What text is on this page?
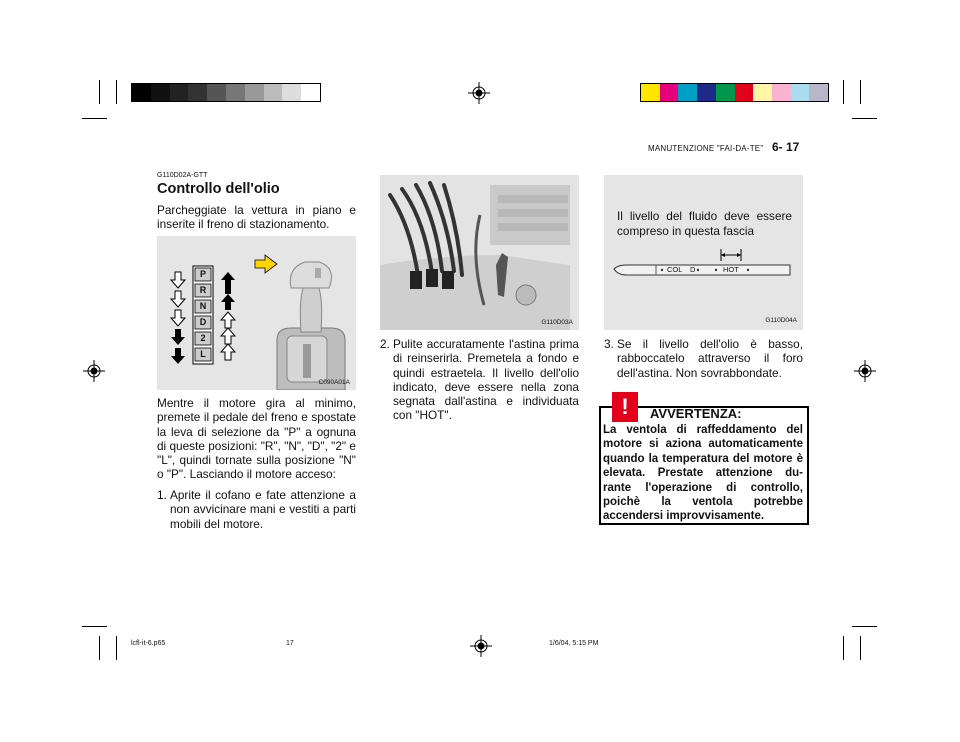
MANUTENZIONE "FAI-DA-TE" 6- 17
G110D02A-GTT
Controllo dell'olio
Parcheggiate la vettura in piano e inserite il freno di stazionamento.
P
R
N
D
2
L
C090A01A
Mentre il motore gira al minimo, premete il pedale del freno e spostate la leva di selezione da "P" a ognuna di queste posizioni: "R", "N", "D", "2" e "L", quindi tornate sulla posizione "N" o "P". Lasciando il motore acceso:
1. Aprite il cofano e fate attenzione a non avvicinare mani e vestiti a parti mobili del motore.
G110D03A
2. Pulite accuratamente l'astina prima di reinserirla. Premetela a fondo e quindi estraetela. Il livello dell'olio indicato, deve essere nella zona segnata dall'astina e individuata con "HOT".
Il livello del fluido deve essere compreso in questa fascia
COL D	HOT
G110D04A
3. Se il livello dell'olio è basso, rabboccatelo attraverso il foro dell'astina. Non sovrabbondate.
!	AVVERTENZA:
La ventola di raffeddamento del motore si aziona automaticamente quando la temperatura del motore è elevata. Prestate attenzione du-rante l'operazione di controllo, poichè la ventola potrebbe accendersi improvvisamente.
lcfl-it-6.p65	17	1/6/04, 5:15 PM
